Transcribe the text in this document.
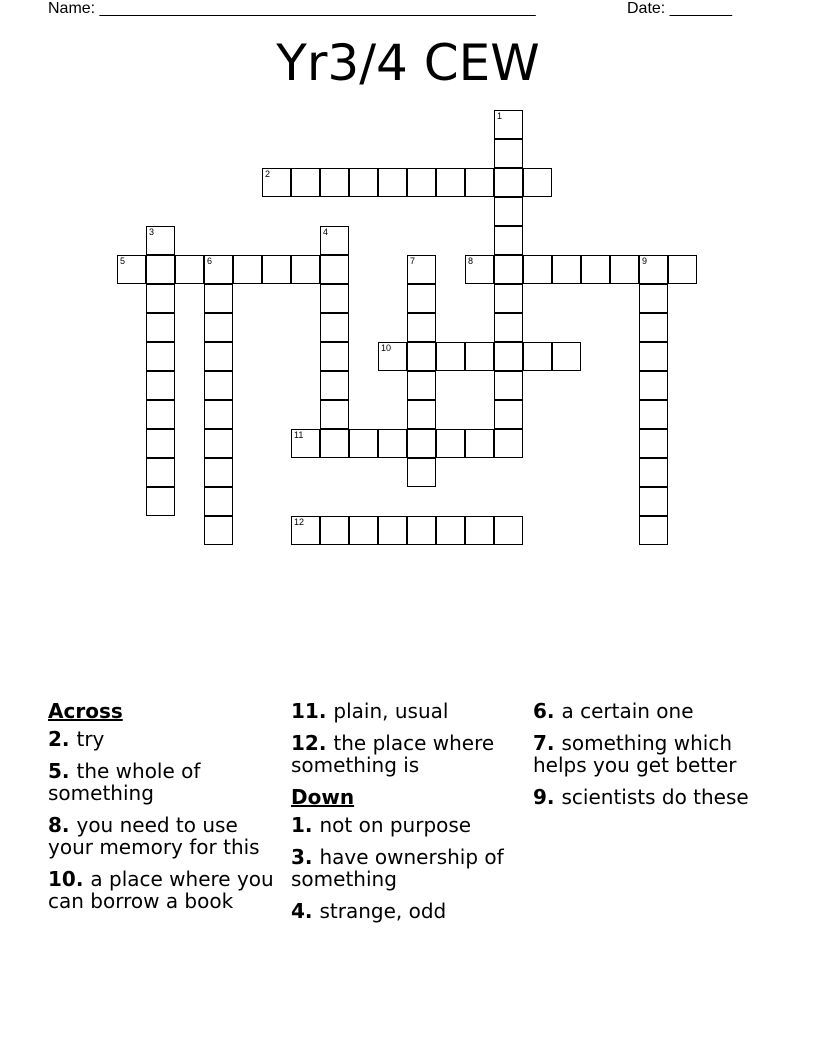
Name: _________________________________________________	Date: _______
Yr3/4 CEW
1
2
3	4
5	6	7	8	9
10
11
12
Across
2. try
5. the whole of something
8. you need to use your memory for this
10. a place where you can borrow a book
11. plain, usual
12. the place where something is
Down
1. not on purpose
3. have ownership of something
4. strange, odd
6. a certain one
7. something which helps you get better
9. scientists do these
